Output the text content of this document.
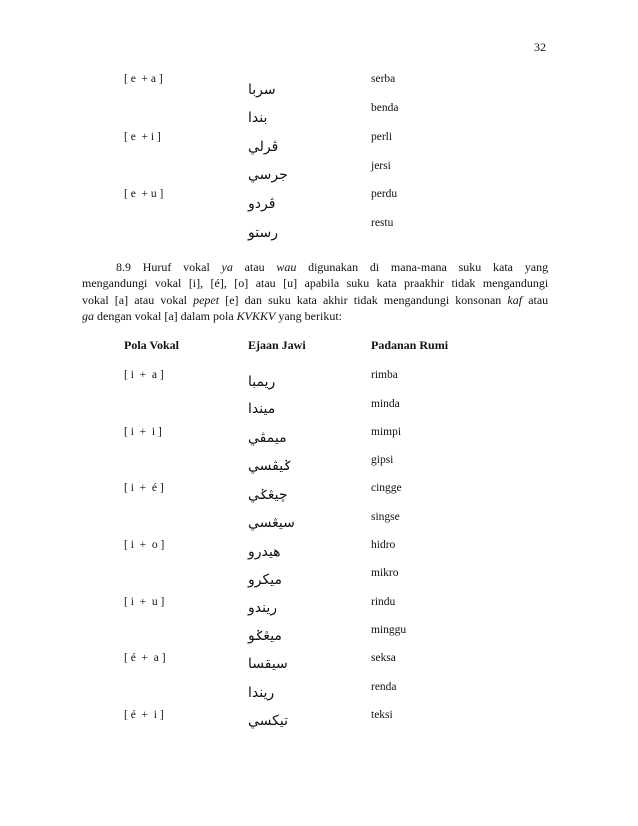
32
[ e  + a ]
[ e  + i ]
[ e  + u ]
سربا
بندا
ڤرلي
جرسي
ڤردو
رستو
serba
benda
perli
jersi
perdu
restu
8.9 Huruf vokal ya atau wau digunakan di mana-mana suku kata yang
mengandungi vokal [i], [é], [o] atau [u] apabila suku kata praakhir tidak mengandungi
vokal [a] atau vokal pepet [e] dan suku kata akhir tidak mengandungi konsonan kaf atau
ga dengan vokal [a] dalam pola KVKKV yang berikut:
Pola Vokal	Ejaan Jawi	Padanan Rumi
[ i  +  a ]
[ i  +  i ]
[ i  +  é ]
[ i  +  o ]
[ i  +  u ]
[ é  +  a ]
[ é  +  i ]
ريمبا
ميندا
ميمڤي
ݢيڤسي
چيڠݢي
سيڠسي
هيدرو
ميکرو
ريندو
ميڠݢو
سيقسا
ريندا
تيکسي
rimba
minda
mimpi
gipsi
cingge
singse
hidro
mikro
rindu
minggu
seksa
renda
teksi
